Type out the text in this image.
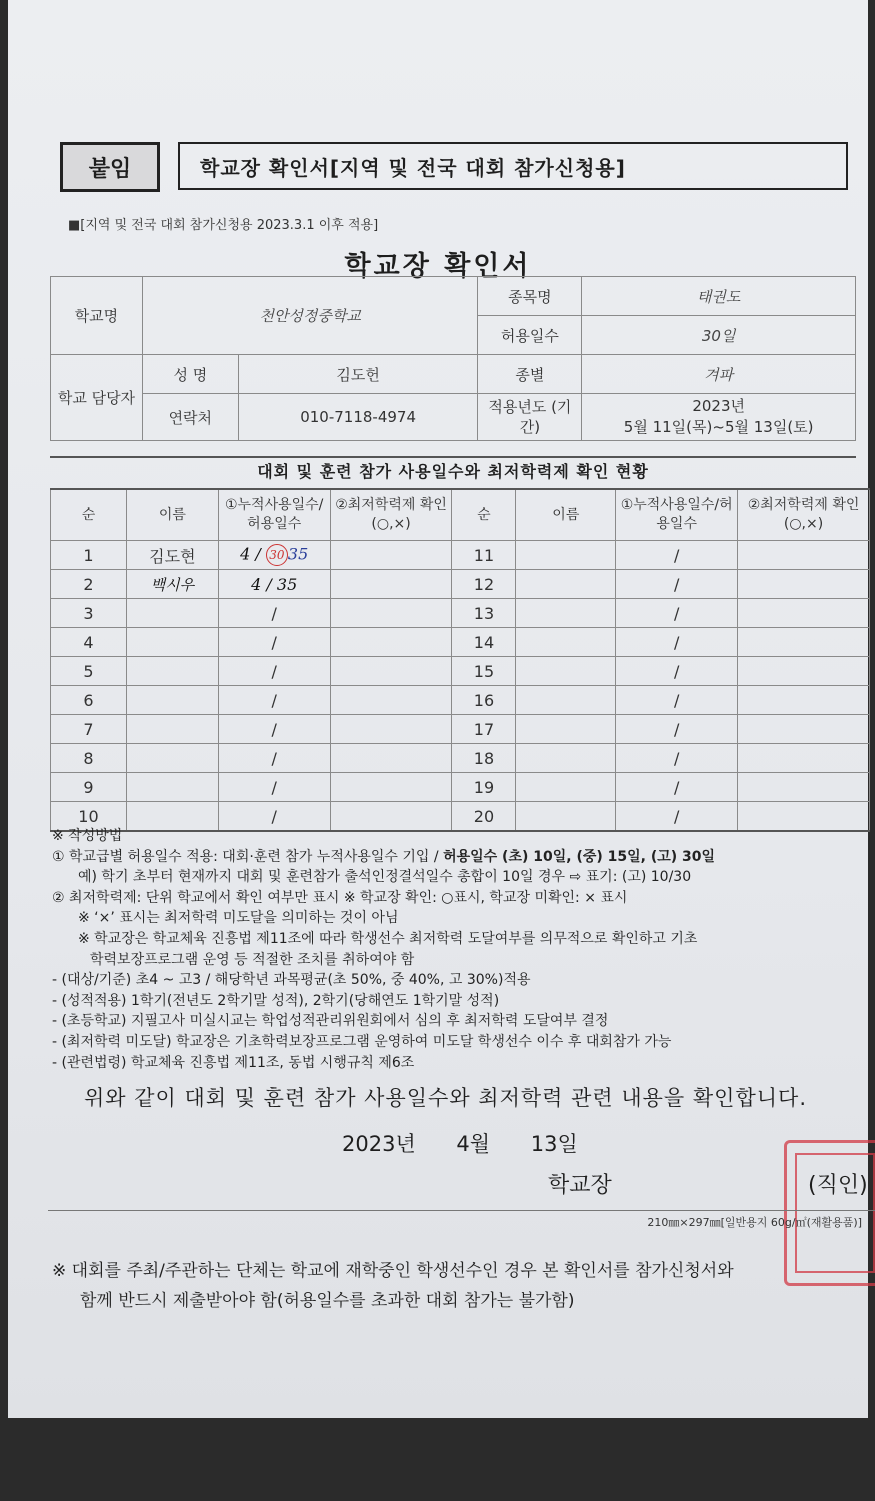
붙임	학교장 확인서[지역 및 전국 대회 참가신청용]
■[지역 및 전국 대회 참가신청용 2023.3.1 이후 적용]
학교장 확인서
학교명	천안성정중학교		종목명	태권도
			허용일수	30일
학교 담당자	성 명	김도헌	종별	겨파
	연락처	010-7118-4974	적용년도 (기간)	2023년
5월 11일(목)~5월 13일(토)
대회 및 훈련 참가 사용일수와 최저학력제 확인 현황
순	이름	①누적사용일수/허용일수	②최저학력제 확인(○,×)	순	이름	①누적사용일수/허용일수	②최저학력제 확인(○,×)
1	김도현	4 / 30 35		11		/	
2	백시우	4 / 35		12		/	
3		/		13		/	
4		/		14		/	
5		/		15		/	
6		/		16		/	
7		/		17		/	
8		/		18		/	
9		/		19		/	
10		/		20		/	
※ 작성방법
① 학교급별 허용일수 적용: 대회·훈련 참가 누적사용일수 기입 / 허용일수 (초) 10일, (중) 15일, (고) 30일
예) 학기 초부터 현재까지 대회 및 훈련참가 출석인정결석일수 총합이 10일 경우 ⇨ 표기: (고) 10/30
② 최저학력제: 단위 학교에서 확인 여부만 표시 ※ 학교장 확인: ○표시, 학교장 미확인: × 표시
※ ‘×’ 표시는 최저학력 미도달을 의미하는 것이 아님
※ 학교장은 학교체육 진흥법 제11조에 따라 학생선수 최저학력 도달여부를 의무적으로 확인하고 기초
학력보장프로그램 운영 등 적절한 조치를 취하여야 함
- (대상/기준) 초4 ~ 고3 / 해당학년 과목평균(초 50%, 중 40%, 고 30%)적용
- (성적적용) 1학기(전년도 2학기말 성적), 2학기(당해연도 1학기말 성적)
- (초등학교) 지필고사 미실시교는 학업성적관리위원회에서 심의 후 최저학력 도달여부 결정
- (최저학력 미도달) 학교장은 기초학력보장프로그램 운영하여 미도달 학생선수 이수 후 대회참가 가능
- (관련법령) 학교체육 진흥법 제11조, 동법 시행규칙 제6조
위와 같이 대회 및 훈련 참가 사용일수와 최저학력 관련 내용을 확인합니다.
2023년 4월 13일
학교장	(직인)
210㎜×297㎜[일반용지 60g/㎡(재활용품)]
※ 대회를 주최/주관하는 단체는 학교에 재학중인 학생선수인 경우 본 확인서를 참가신청서와
함께 반드시 제출받아야 함(허용일수를 초과한 대회 참가는 불가함)
